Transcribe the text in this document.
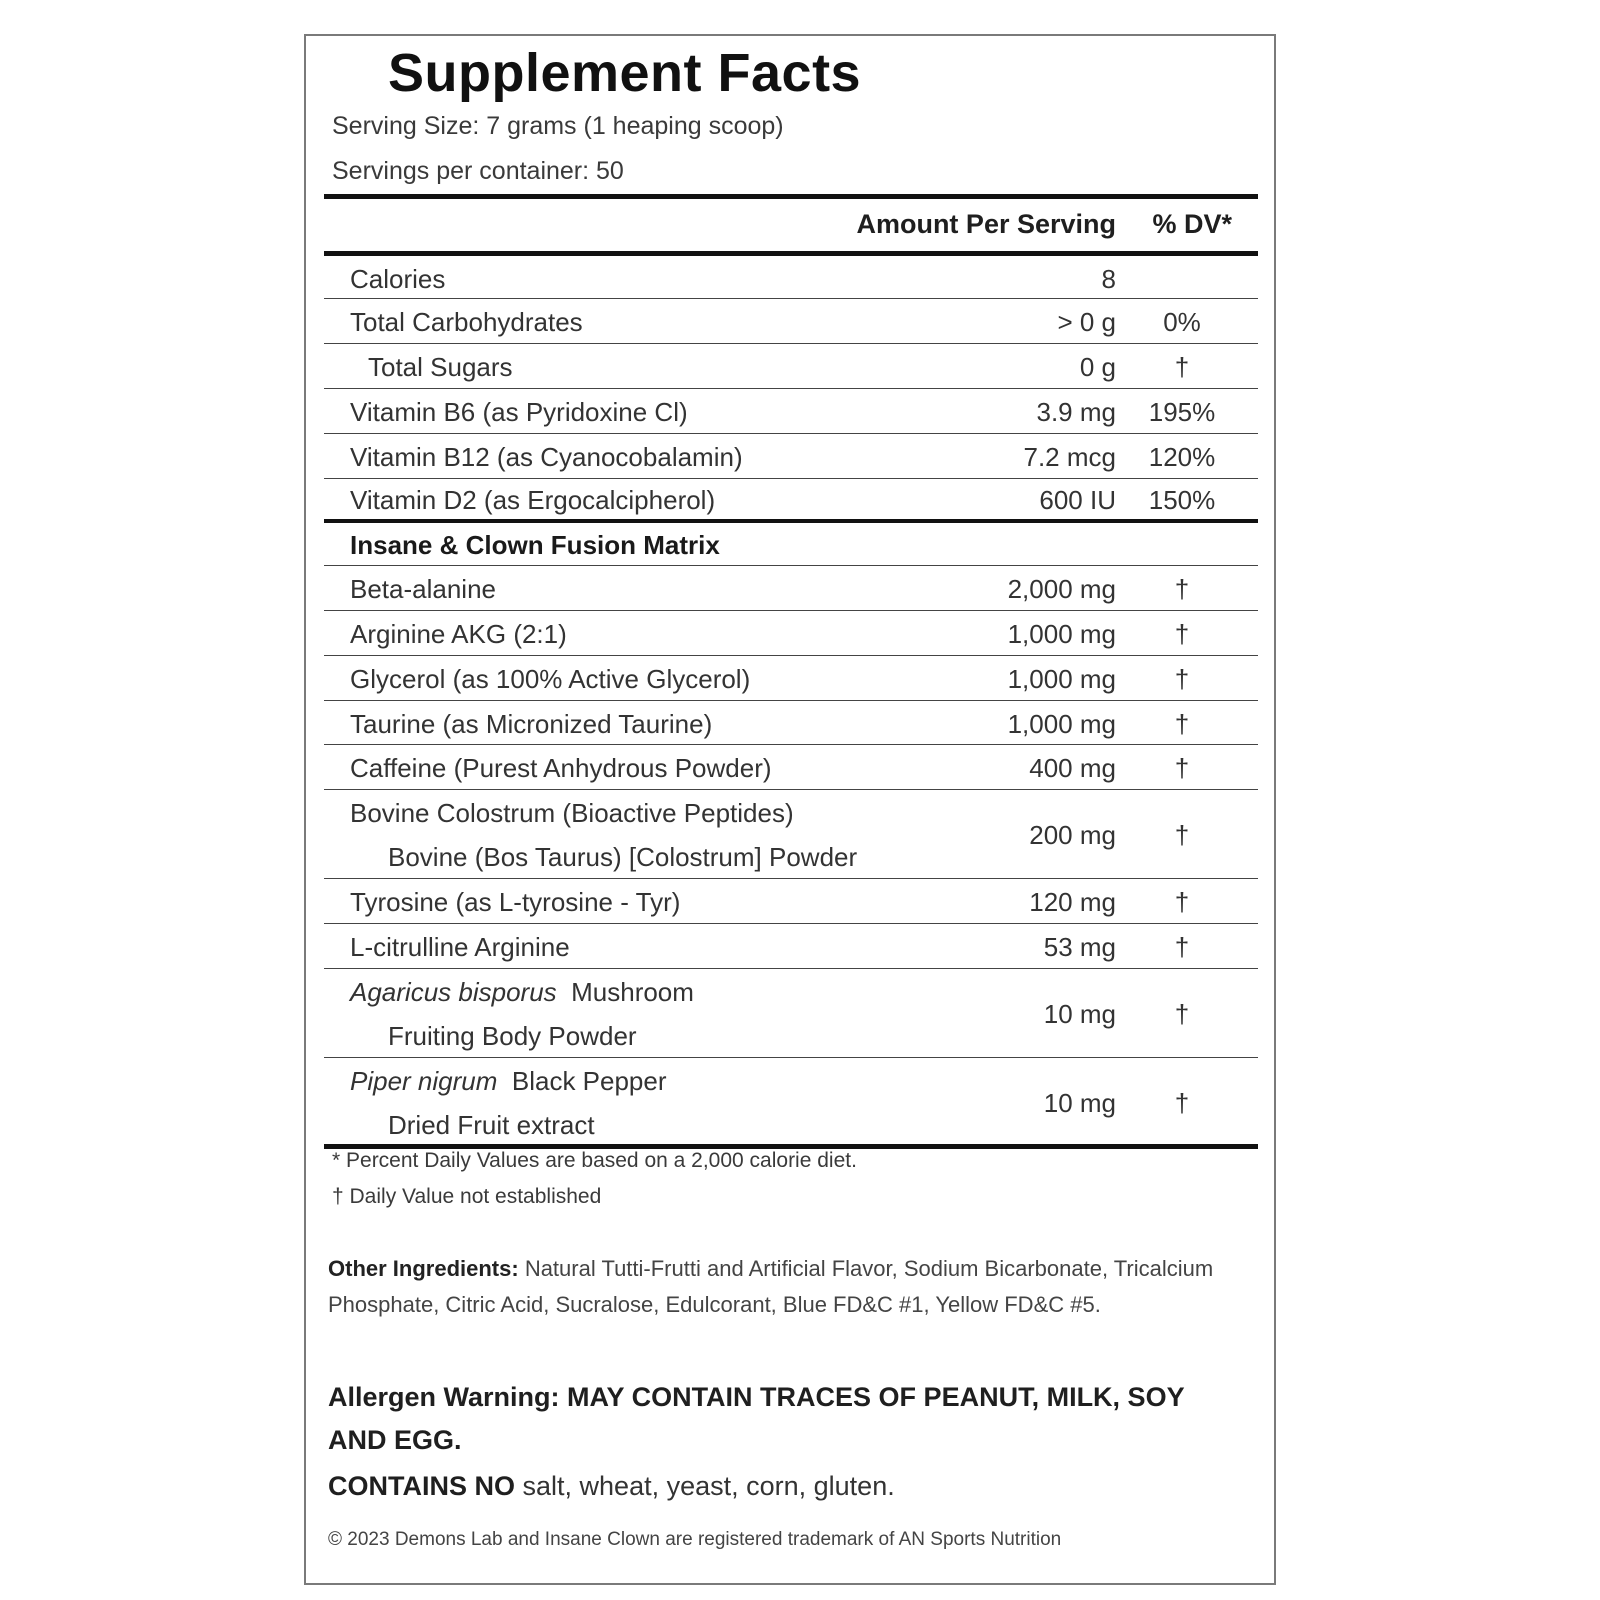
Supplement Facts
Serving Size: 7 grams (1 heaping scoop)
Servings per container: 50
Amount Per Serving % DV*
Calories	8
Total Carbohydrates	> 0 g	0%
Total Sugars	0 g	†
Vitamin B6 (as Pyridoxine Cl)	3.9 mg	195%
Vitamin B12 (as Cyanocobalamin)	7.2 mcg	120%
Vitamin D2 (as Ergocalcipherol)	600 IU	150%
Insane & Clown Fusion Matrix
Beta-alanine	2,000 mg	†
Arginine AKG (2:1)	1,000 mg	†
Glycerol (as 100% Active Glycerol)	1,000 mg	†
Taurine (as Micronized Taurine)	1,000 mg	†
Caffeine (Purest Anhydrous Powder)	400 mg	†
Bovine Colostrum (Bioactive Peptides)
Bovine (Bos Taurus) [Colostrum] Powder
200 mg	†
Tyrosine (as L-tyrosine - Tyr)	120 mg	†
L-citrulline Arginine	53 mg	†
Agaricus bisporus Mushroom
Fruiting Body Powder
10 mg	†
Piper nigrum Black Pepper
Dried Fruit extract
10 mg	†
* Percent Daily Values are based on a 2,000 calorie diet.
† Daily Value not established
Other Ingredients: Natural Tutti-Frutti and Artificial Flavor, Sodium Bicarbonate, Tricalcium Phosphate, Citric Acid, Sucralose, Edulcorant, Blue FD&C #1, Yellow FD&C #5.
Allergen Warning: MAY CONTAIN TRACES OF PEANUT, MILK, SOY AND EGG.
CONTAINS NO salt, wheat, yeast, corn, gluten.
© 2023 Demons Lab and Insane Clown are registered trademark of AN Sports Nutrition
